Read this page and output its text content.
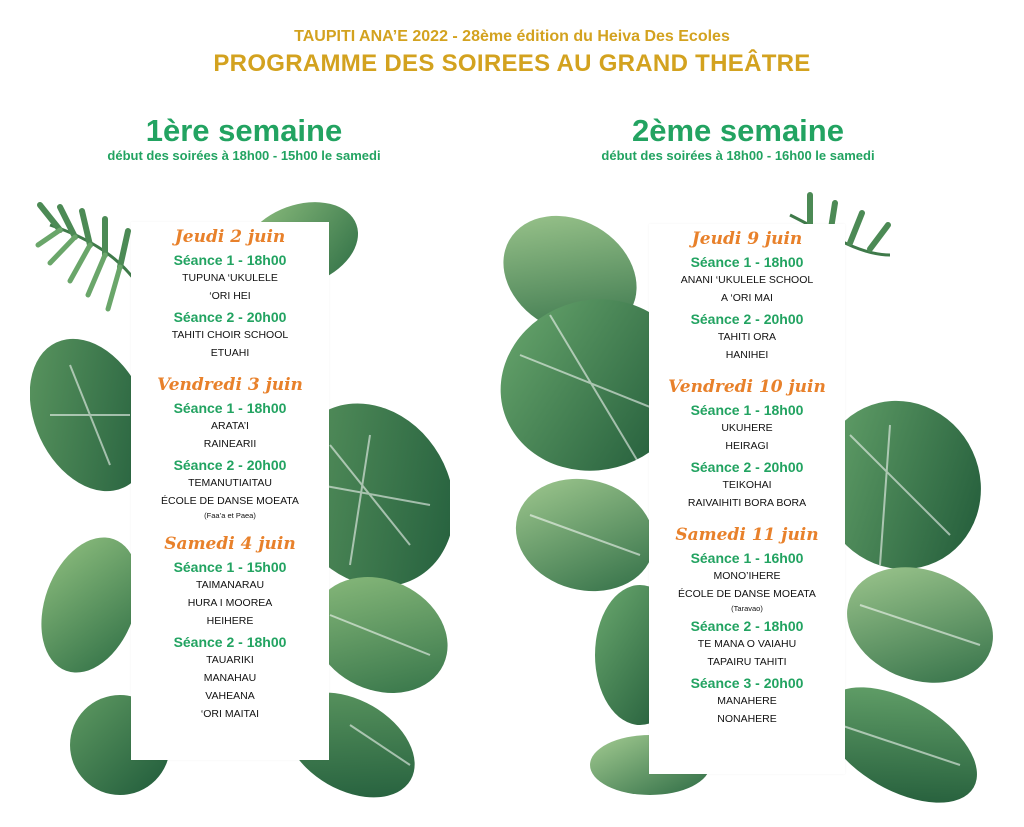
TAUPITI ANA’E 2022 - 28ème édition du Heiva Des Ecoles
PROGRAMME DES SOIREES AU GRAND THEÂTRE
1ère semaine
début des soirées à 18h00 - 15h00 le samedi
2ème semaine
début des soirées à 18h00 - 16h00 le samedi
Jeudi 2 juin
Séance 1 - 18h00
TUPUNA ‘UKULELE
‘ORI HEI
Séance 2 - 20h00
TAHITI CHOIR SCHOOL
ETUAHI
Vendredi 3 juin
Séance 1 - 18h00
ARATA’I
RAINEARII
Séance 2 - 20h00
TEMANUTIAITAU
ÉCOLE DE DANSE MOEATA
(Faa’a et Paea)
Samedi 4 juin
Séance 1 - 15h00
TAIMANARAU
HURA I MOOREA
HEIHERE
Séance 2 - 18h00
TAUARIKI
MANAHAU
VAHEANA
‘ORI MAITAI
Jeudi 9 juin
Séance 1 - 18h00
ANANI ‘UKULELE SCHOOL
A ‘ORI MAI
Séance 2 - 20h00
TAHITI ORA
HANIHEI
Vendredi 10 juin
Séance 1 - 18h00
UKUHERE
HEIRAGI
Séance 2 - 20h00
TEIKOHAI
RAIVAIHITI BORA BORA
Samedi 11 juin
Séance 1 - 16h00
MONO’IHERE
ÉCOLE DE DANSE MOEATA
(Taravao)
Séance 2 - 18h00
TE MANA O VAIAHU
TAPAIRU TAHITI
Séance 3 - 20h00
MANAHERE
NONAHERE
